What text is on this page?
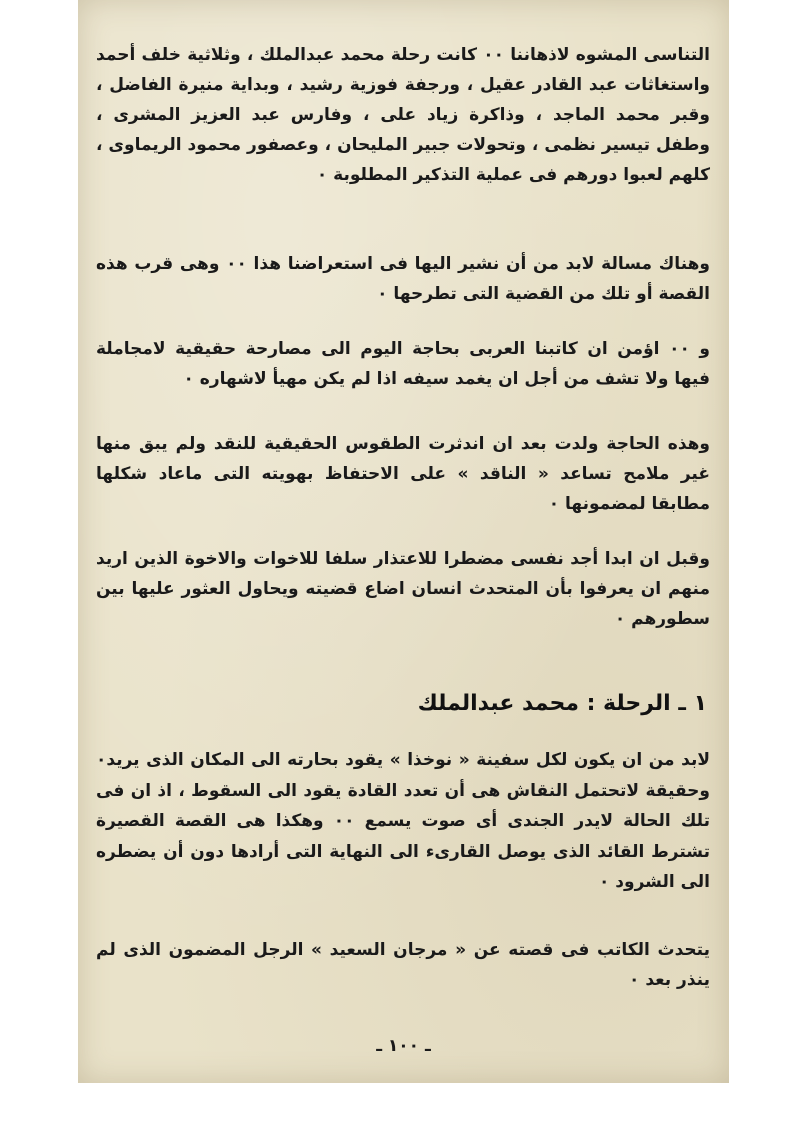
التناسى المشوه لاذهاننا ٠٠ كانت رحلة محمد عبدالملك ، وثلاثية خلف أحمد واستغاثات عبد القادر عقيل ، ورجفة فوزية رشيد ، وبداية منيرة الفاضل ، وقبر محمد الماجد ، وذاكرة زياد على ، وفارس عبد العزيز المشرى ، وطفل تيسير نظمى ، وتحولات جبير المليحان ، وعصفور محمود الريماوى ، كلهم لعبوا دورهم فى عملية التذكير المطلوبة ٠

وهناك مسالة لابد من أن نشير اليها فى استعراضنا هذا ٠٠ وهى قرب هذه القصة أو تلك من القضية التى تطرحها ٠

و ٠٠ اؤمن ان كاتبنا العربى بحاجة اليوم الى مصارحة حقيقية لامجاملة فيها ولا تشف من أجل ان يغمد سيفه اذا لم يكن مهيأ لاشهاره ٠

وهذه الحاجة ولدت بعد ان اندثرت الطقوس الحقيقية للنقد ولم يبق منها غير ملامح تساعد « الناقد » على الاحتفاظ بهويته التى ماعاد شكلها مطابقا لمضمونها ٠

وقبل ان ابدا أجد نفسى مضطرا للاعتذار سلفا للاخوات والاخوة الذين اريد منهم ان يعرفوا بأن المتحدث انسان اضاع قضيته ويحاول العثور عليها بين سطورهم ٠

١ ـ الرحلة : محمد عبدالملك

لابد من ان يكون لكل سفينة « نوخذا » يقود بحارته الى المكان الذى يريد٠ وحقيقة لاتحتمل النقاش هى أن تعدد القادة يقود الى السقوط ، اذ ان فى تلك الحالة لايدر الجندى أى صوت يسمع ٠٠ وهكذا هى القصة القصيرة تشترط القائد الذى يوصل القارىء الى النهاية التى أرادها دون أن يضطره الى الشرود ٠

يتحدث الكاتب فى قصته عن « مرجان السعيد » الرجل المضمون الذى لم ينذر بعد ٠

ـ ١٠٠ ـ
